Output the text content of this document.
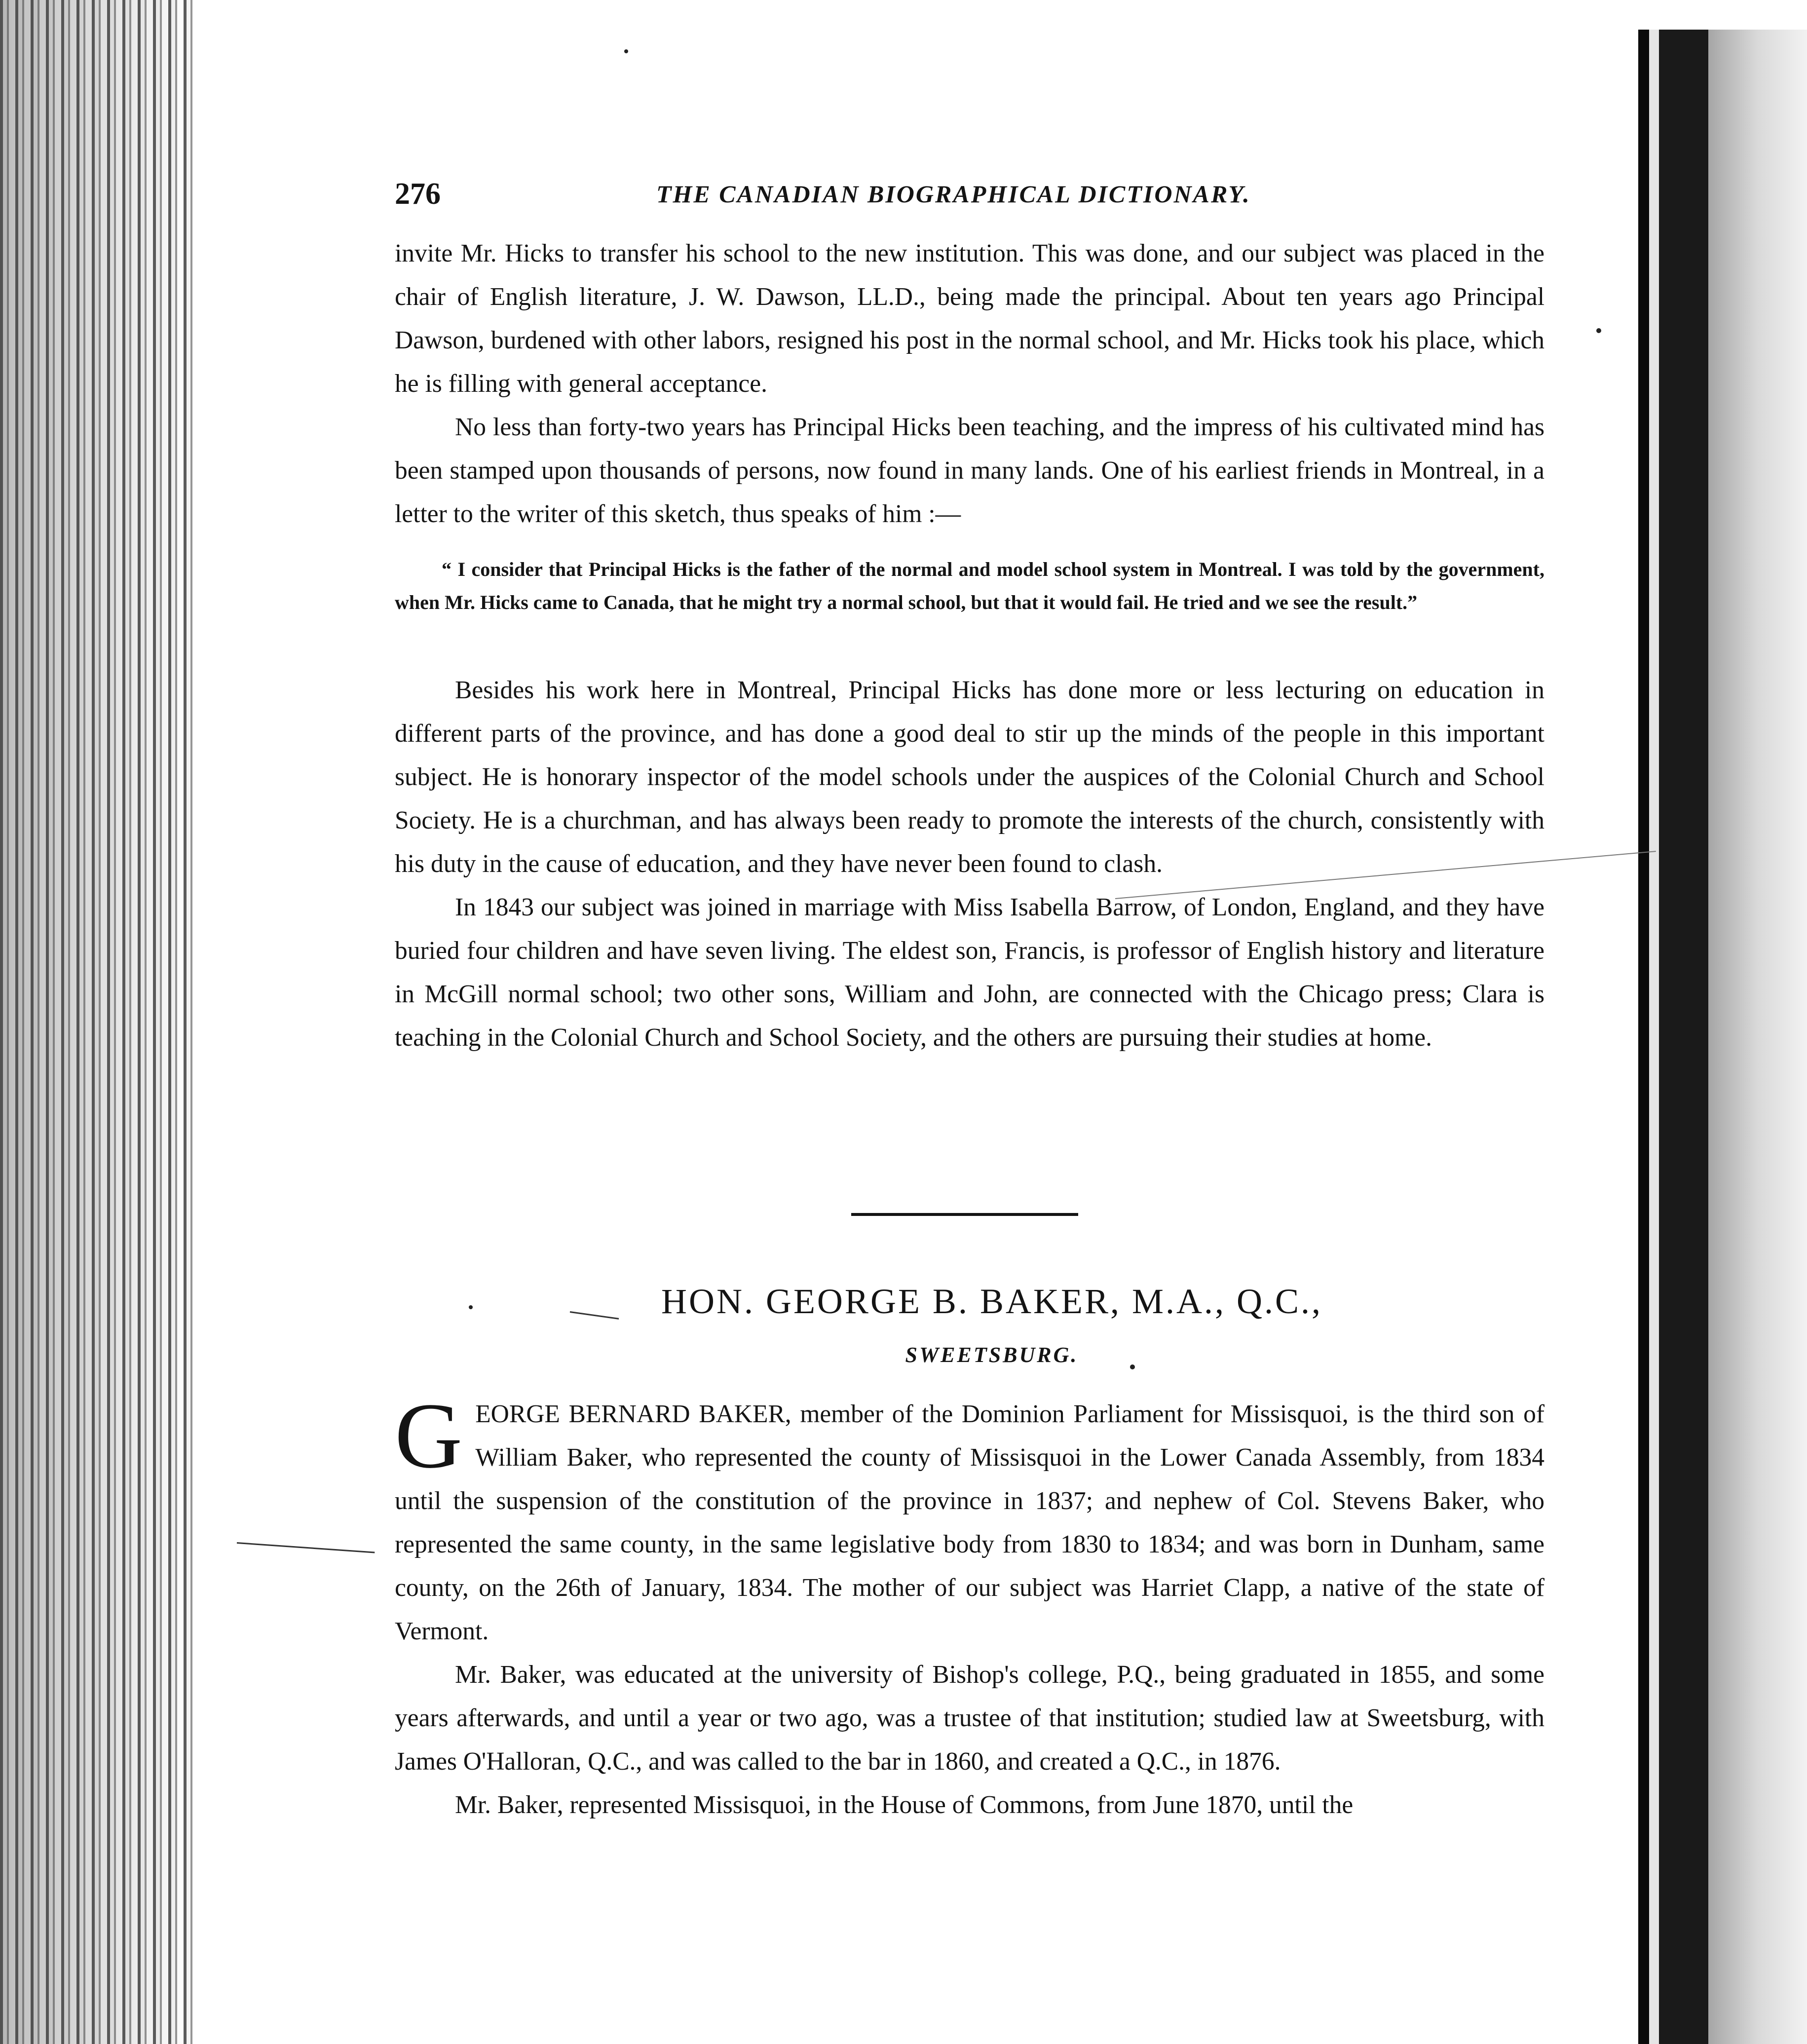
276	THE CANADIAN BIOGRAPHICAL DICTIONARY.

invite Mr. Hicks to transfer his school to the new institution. This was done, and our subject was placed in the chair of English literature, J. W. Dawson, LL.D., being made the principal. About ten years ago Principal Dawson, burdened with other labors, resigned his post in the normal school, and Mr. Hicks took his place, which he is filling with general acceptance.

No less than forty-two years has Principal Hicks been teaching, and the impress of his cultivated mind has been stamped upon thousands of persons, now found in many lands. One of his earliest friends in Montreal, in a letter to the writer of this sketch, thus speaks of him :—

“ I consider that Principal Hicks is the father of the normal and model school system in Montreal. I was told by the government, when Mr. Hicks came to Canada, that he might try a normal school, but that it would fail. He tried and we see the result.”

Besides his work here in Montreal, Principal Hicks has done more or less lecturing on education in different parts of the province, and has done a good deal to stir up the minds of the people in this important subject. He is honorary inspector of the model schools under the auspices of the Colonial Church and School Society. He is a churchman, and has always been ready to promote the interests of the church, consistently with his duty in the cause of education, and they have never been found to clash.

In 1843 our subject was joined in marriage with Miss Isabella Barrow, of London, England, and they have buried four children and have seven living. The eldest son, Francis, is professor of English history and literature in McGill normal school; two other sons, William and John, are connected with the Chicago press; Clara is teaching in the Colonial Church and School Society, and the others are pursuing their studies at home.

HON. GEORGE B. BAKER, M.A., Q.C.,
SWEETSBURG.

GEORGE BERNARD BAKER, member of the Dominion Parliament for Missisquoi, is the third son of William Baker, who represented the county of Missisquoi in the Lower Canada Assembly, from 1834 until the suspension of the constitution of the province in 1837; and nephew of Col. Stevens Baker, who represented the same county, in the same legislative body from 1830 to 1834; and was born in Dunham, same county, on the 26th of January, 1834. The mother of our subject was Harriet Clapp, a native of the state of Vermont.

Mr. Baker, was educated at the university of Bishop's college, P.Q., being graduated in 1855, and some years afterwards, and until a year or two ago, was a trustee of that institution; studied law at Sweetsburg, with James O'Halloran, Q.C., and was called to the bar in 1860, and created a Q.C., in 1876.

Mr. Baker, represented Missisquoi, in the House of Commons, from June 1870, until the
